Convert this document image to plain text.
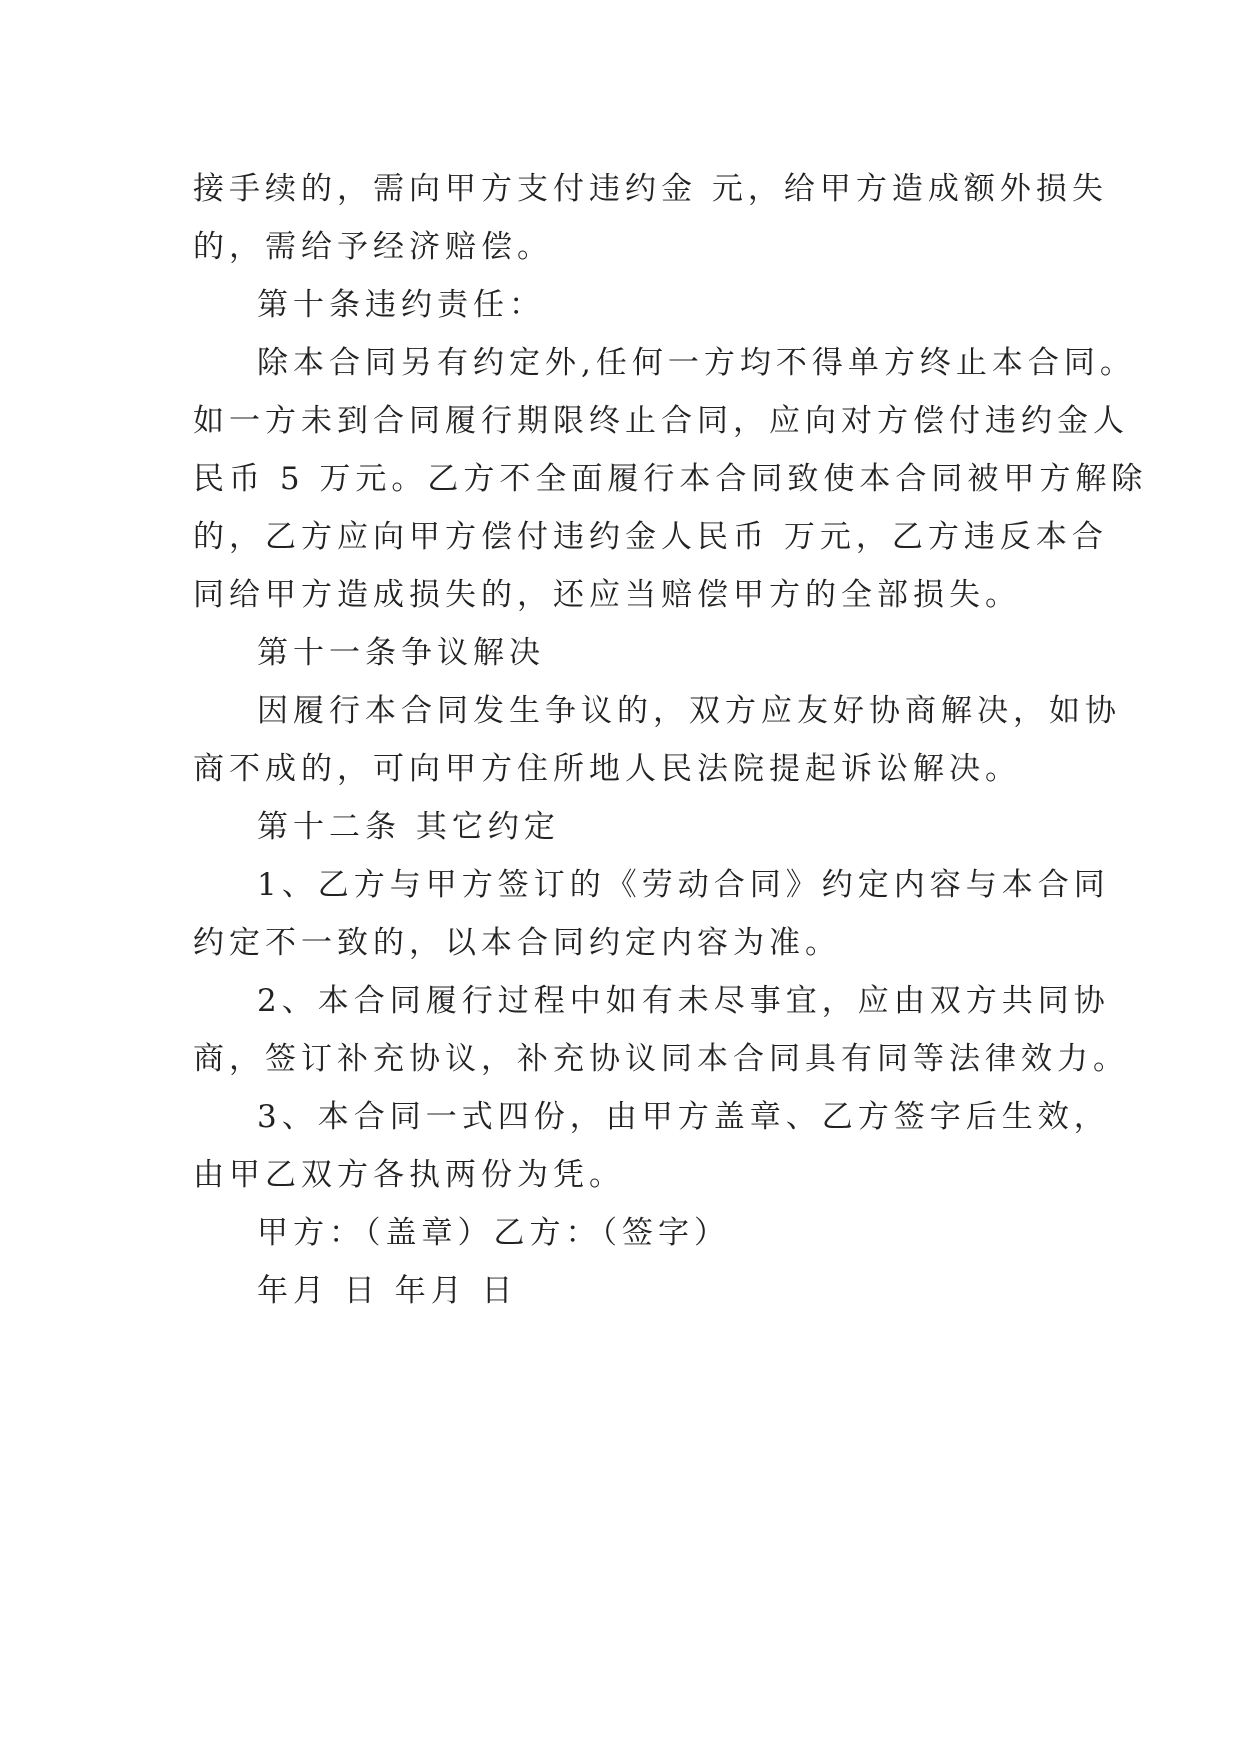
接手续的，需向甲方支付违约金 元，给甲方造成额外损失
的，需给予经济赔偿。
第十条违约责任：
除本合同另有约定外,任何一方均不得单方终止本合同。
如一方未到合同履行期限终止合同，应向对方偿付违约金人
民币 5 万元。乙方不全面履行本合同致使本合同被甲方解除
的，乙方应向甲方偿付违约金人民币 万元，乙方违反本合
同给甲方造成损失的，还应当赔偿甲方的全部损失。
第十一条争议解决
因履行本合同发生争议的，双方应友好协商解决，如协
商不成的，可向甲方住所地人民法院提起诉讼解决。
第十二条 其它约定
1、乙方与甲方签订的《劳动合同》约定内容与本合同
约定不一致的，以本合同约定内容为准。
2、本合同履行过程中如有未尽事宜，应由双方共同协
商，签订补充协议，补充协议同本合同具有同等法律效力。
3、本合同一式四份，由甲方盖章、乙方签字后生效，
由甲乙双方各执两份为凭。
甲方：（盖章）乙方：（签字）
年月 日 年月 日
